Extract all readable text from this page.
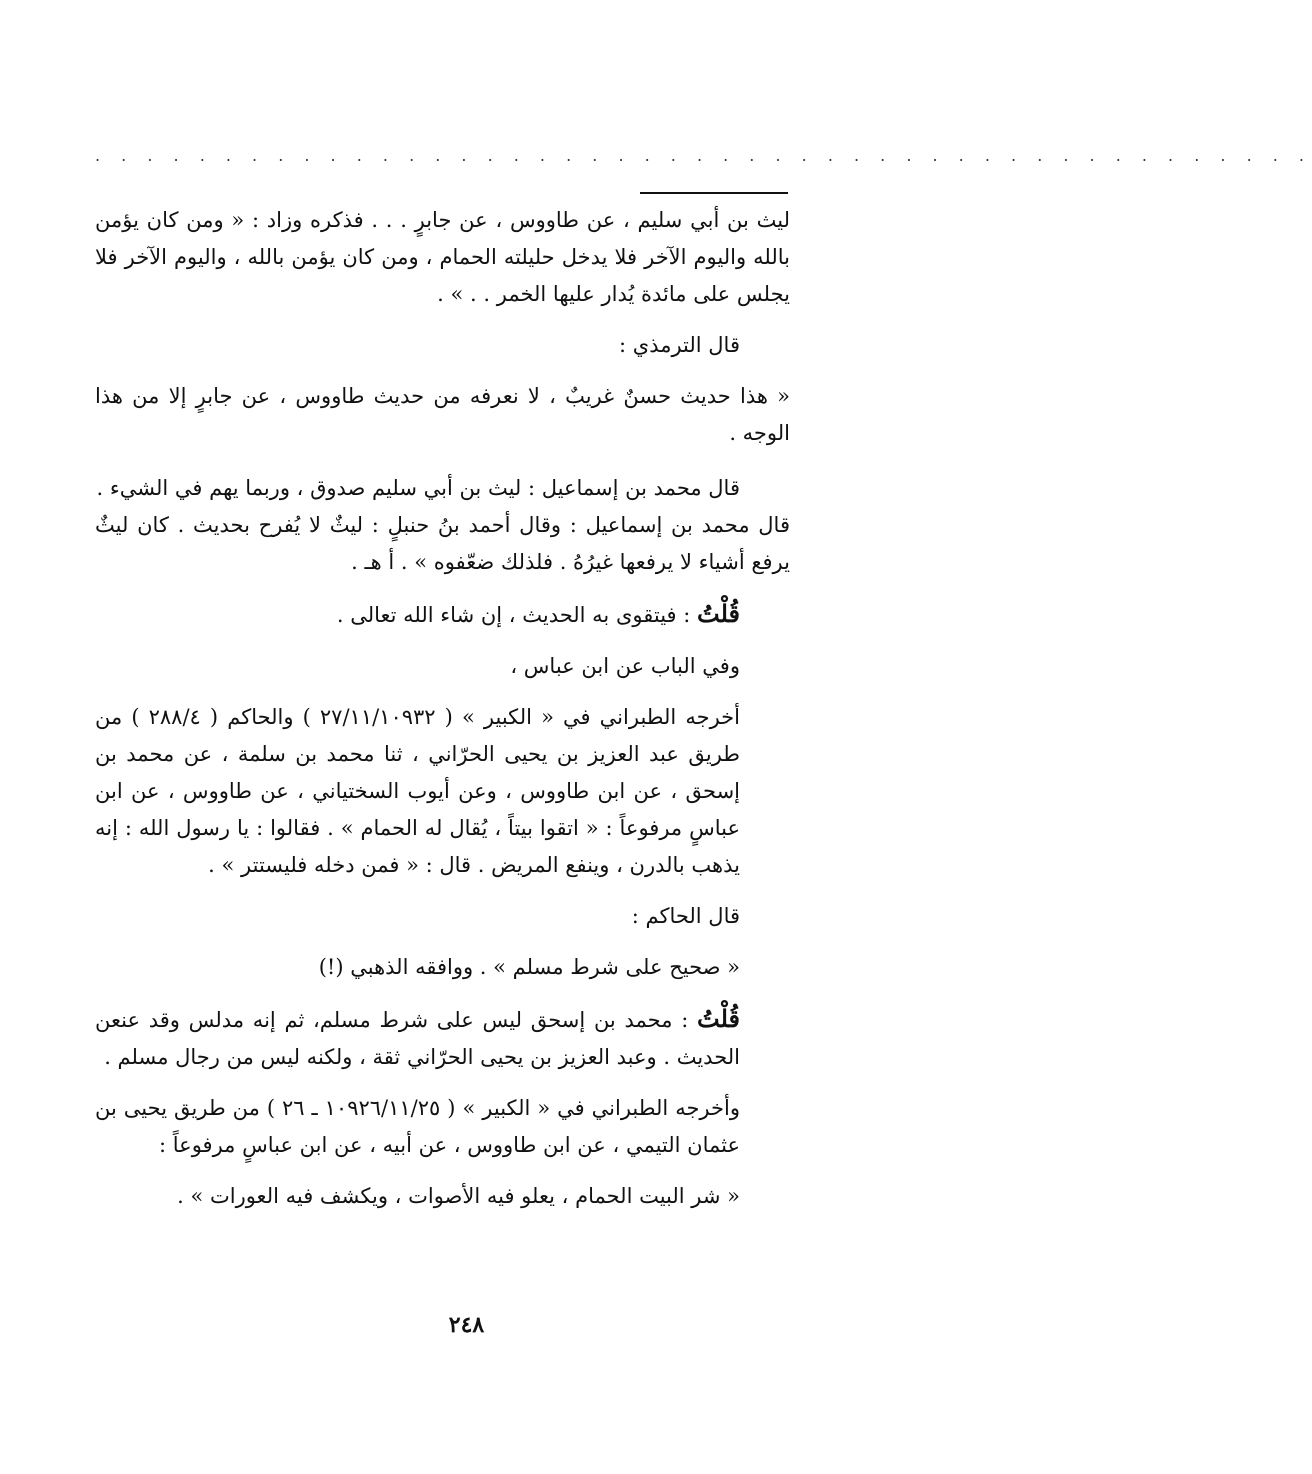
. . . . . . . . . . . . . . . . . . . . . . . . . . . . . . . . . . . . . . . . . . . . . . .

ليث بن أبي سليم ، عن طاووس ، عن جابرٍ . . . فذكره وزاد : « ومن كان يؤمن بالله واليوم الآخر فلا يدخل حليلته الحمام ، ومن كان يؤمن بالله ، واليوم الآخر فلا يجلس على مائدة يُدار عليها الخمر . . » .

قال الترمذي :

« هذا حديث حسنٌ غريبٌ ، لا نعرفه من حديث طاووس ، عن جابرٍ إلا من هذا الوجه .

قال محمد بن إسماعيل : ليث بن أبي سليم صدوق ، وربما يهم في الشيء .

قال محمد بن إسماعيل : وقال أحمد بنُ حنبلٍ : ليثٌ لا يُفرح بحديث . كان ليثٌ يرفع أشياء لا يرفعها غيرُهُ . فلذلك ضعّفوه » . أ هـ .

قُلْتُ : فيتقوى به الحديث ، إن شاء الله تعالى .

وفي الباب عن ابن عباس ،

أخرجه الطبراني في « الكبير » ( ٢٧/١١/١٠٩٣٢ ) والحاكم ( ٢٨٨/٤ ) من طريق عبد العزيز بن يحيى الحرّاني ، ثنا محمد بن سلمة ، عن محمد بن إسحق ، عن ابن طاووس ، وعن أيوب السختياني ، عن طاووس ، عن ابن عباسٍ مرفوعاً : « اتقوا بيتاً ، يُقال له الحمام » . فقالوا : يا رسول الله : إنه يذهب بالدرن ، وينفع المريض . قال : « فمن دخله فليستتر » .

قال الحاكم :

« صحيح على شرط مسلم » . ووافقه الذهبي (!)

قُلْتُ : محمد بن إسحق ليس على شرط مسلم، ثم إنه مدلس وقد عنعن الحديث . وعبد العزيز بن يحيى الحرّاني ثقة ، ولكنه ليس من رجال مسلم .

وأخرجه الطبراني في « الكبير » ( ١٠٩٢٦/١١/٢٥ ـ ٢٦ ) من طريق يحيى بن عثمان التيمي ، عن ابن طاووس ، عن أبيه ، عن ابن عباسٍ مرفوعاً :

« شر البيت الحمام ، يعلو فيه الأصوات ، ويكشف فيه العورات » .

٢٤٨
